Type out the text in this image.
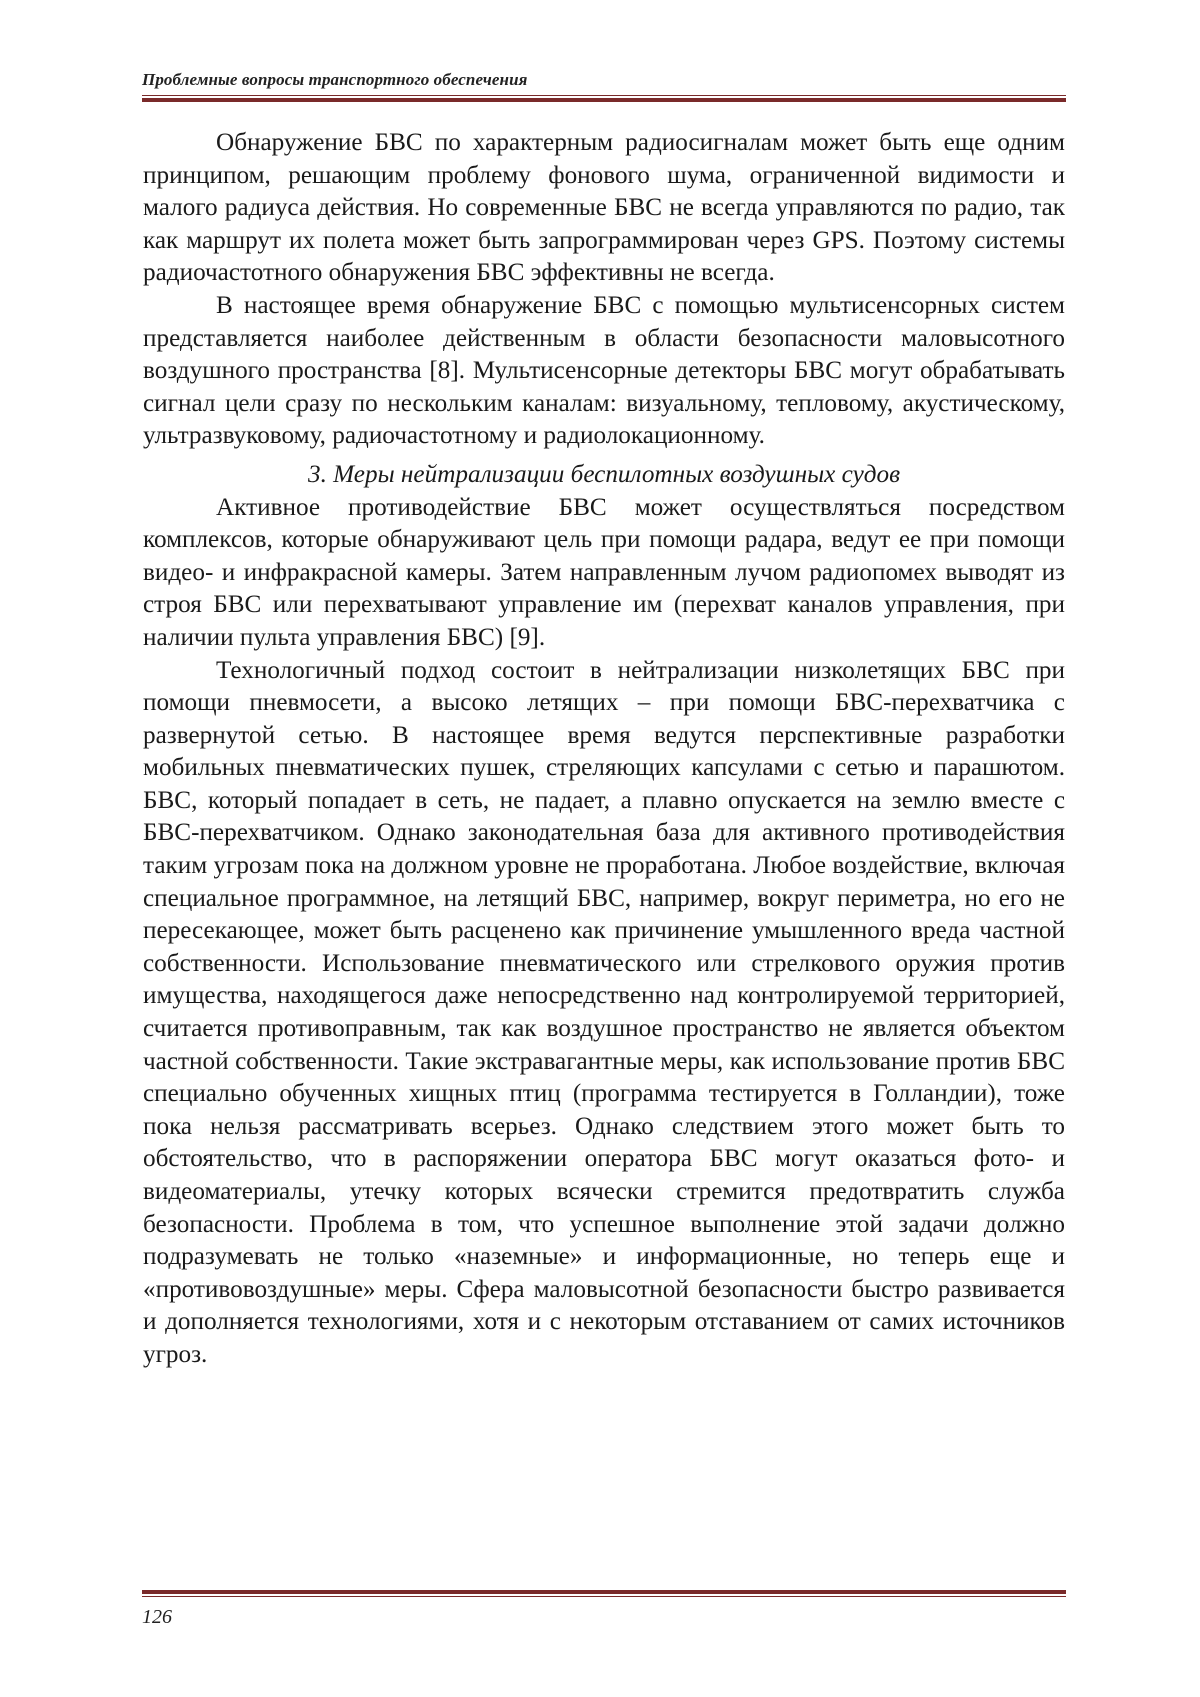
Проблемные вопросы транспортного обеспечения

Обнаружение БВС по характерным радиосигналам может быть еще одним принципом, решающим проблему фонового шума, ограниченной видимости и малого радиуса действия. Но современные БВС не всегда управляются по радио, так как маршрут их полета может быть запрограммирован через GPS. Поэтому системы радиочастотного обнаружения БВС эффективны не всегда.

В настоящее время обнаружение БВС с помощью мультисенсорных систем представляется наиболее действенным в области безопасности маловысотного воздушного пространства [8]. Мультисенсорные детекторы БВС могут обрабатывать сигнал цели сразу по нескольким каналам: визуальному, тепловому, акустическому, ультразвуковому, радиочастотному и радиолокационному.

3. Меры нейтрализации беспилотных воздушных судов

Активное противодействие БВС может осуществляться посредством комплексов, которые обнаруживают цель при помощи радара, ведут ее при помощи видео- и инфракрасной камеры. Затем направленным лучом радиопомех выводят из строя БВС или перехватывают управление им (перехват каналов управления, при наличии пульта управления БВС) [9].

Технологичный подход состоит в нейтрализации низколетящих БВС при помощи пневмосети, а высоко летящих – при помощи БВС-перехватчика с развернутой сетью. В настоящее время ведутся перспективные разработки мобильных пневматических пушек, стреляющих капсулами с сетью и парашютом. БВС, который попадает в сеть, не падает, а плавно опускается на землю вместе с БВС-перехватчиком. Однако законодательная база для активного противодействия таким угрозам пока на должном уровне не проработана. Любое воздействие, включая специальное программное, на летящий БВС, например, вокруг периметра, но его не пересекающее, может быть расценено как причинение умышленного вреда частной собственности. Использование пневматического или стрелкового оружия против имущества, находящегося даже непосредственно над контролируемой территорией, считается противоправным, так как воздушное пространство не является объектом частной собственности. Такие экстравагантные меры, как использование против БВС специально обученных хищных птиц (программа тестируется в Голландии), тоже пока нельзя рассматривать всерьез. Однако следствием этого может быть то обстоятельство, что в распоряжении оператора БВС могут оказаться фото- и видеоматериалы, утечку которых всячески стремится предотвратить служба безопасности. Проблема в том, что успешное выполнение этой задачи должно подразумевать не только «наземные» и информационные, но теперь еще и «противовоздушные» меры. Сфера маловысотной безопасности быстро развивается и дополняется технологиями, хотя и с некоторым отставанием от самих источников угроз.

126
